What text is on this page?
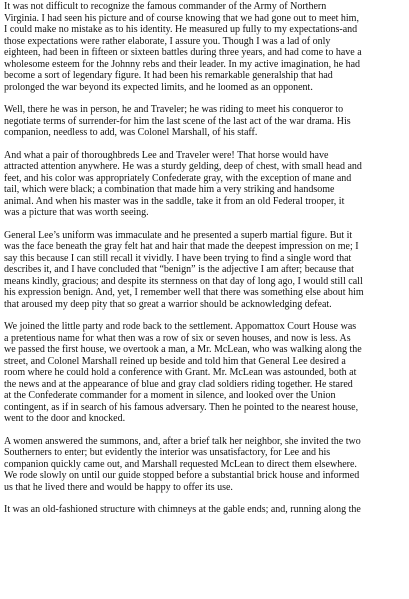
It was not difficult to recognize the famous commander of the Army of Northern
Virginia. I had seen his picture and of course knowing that we had gone out to meet him,
I could make no mistake as to his identity. He measured up fully to my expectations-and
those expectations were rather elaborate, I assure you. Though I was a lad of only
eighteen, had been in fifteen or sixteen battles during three years, and had come to have a
wholesome esteem for the Johnny rebs and their leader. In my active imagination, he had
become a sort of legendary figure. It had been his remarkable generalship that had
prolonged the war beyond its expected limits, and he loomed as an opponent.
Well, there he was in person, he and Traveler; he was riding to meet his conqueror to
negotiate terms of surrender-for him the last scene of the last act of the war drama. His
companion, needless to add, was Colonel Marshall, of his staff.
And what a pair of thoroughbreds Lee and Traveler were! That horse would have
attracted attention anywhere. He was a sturdy gelding, deep of chest, with small head and
feet, and his color was appropriately Confederate gray, with the exception of mane and
tail, which were black; a combination that made him a very striking and handsome
animal. And when his master was in the saddle, take it from an old Federal trooper, it
was a picture that was worth seeing.
General Lee’s uniform was immaculate and he presented a superb martial figure. But it
was the face beneath the gray felt hat and hair that made the deepest impression on me; I
say this because I can still recall it vividly. I have been trying to find a single word that
describes it, and I have concluded that “benign” is the adjective I am after; because that
means kindly, gracious; and despite its sternness on that day of long ago, I would still call
his expression benign. And, yet, I remember well that there was something else about him
that aroused my deep pity that so great a warrior should be acknowledging defeat.
We joined the little party and rode back to the settlement. Appomattox Court House was
a pretentious name for what then was a row of six or seven houses, and now is less. As
we passed the first house, we overtook a man, a Mr. McLean, who was walking along the
street, and Colonel Marshall reined up beside and told him that General Lee desired a
room where he could hold a conference with Grant. Mr. McLean was astounded, both at
the news and at the appearance of blue and gray clad soldiers riding together. He stared
at the Confederate commander for a moment in silence, and looked over the Union
contingent, as if in search of his famous adversary. Then he pointed to the nearest house,
went to the door and knocked.
A women answered the summons, and, after a brief talk her neighbor, she invited the two
Southerners to enter; but evidently the interior was unsatisfactory, for Lee and his
companion quickly came out, and Marshall requested McLean to direct them elsewhere.
We rode slowly on until our guide stopped before a substantial brick house and informed
us that he lived there and would be happy to offer its use.
It was an old-fashioned structure with chimneys at the gable ends; and, running along the
